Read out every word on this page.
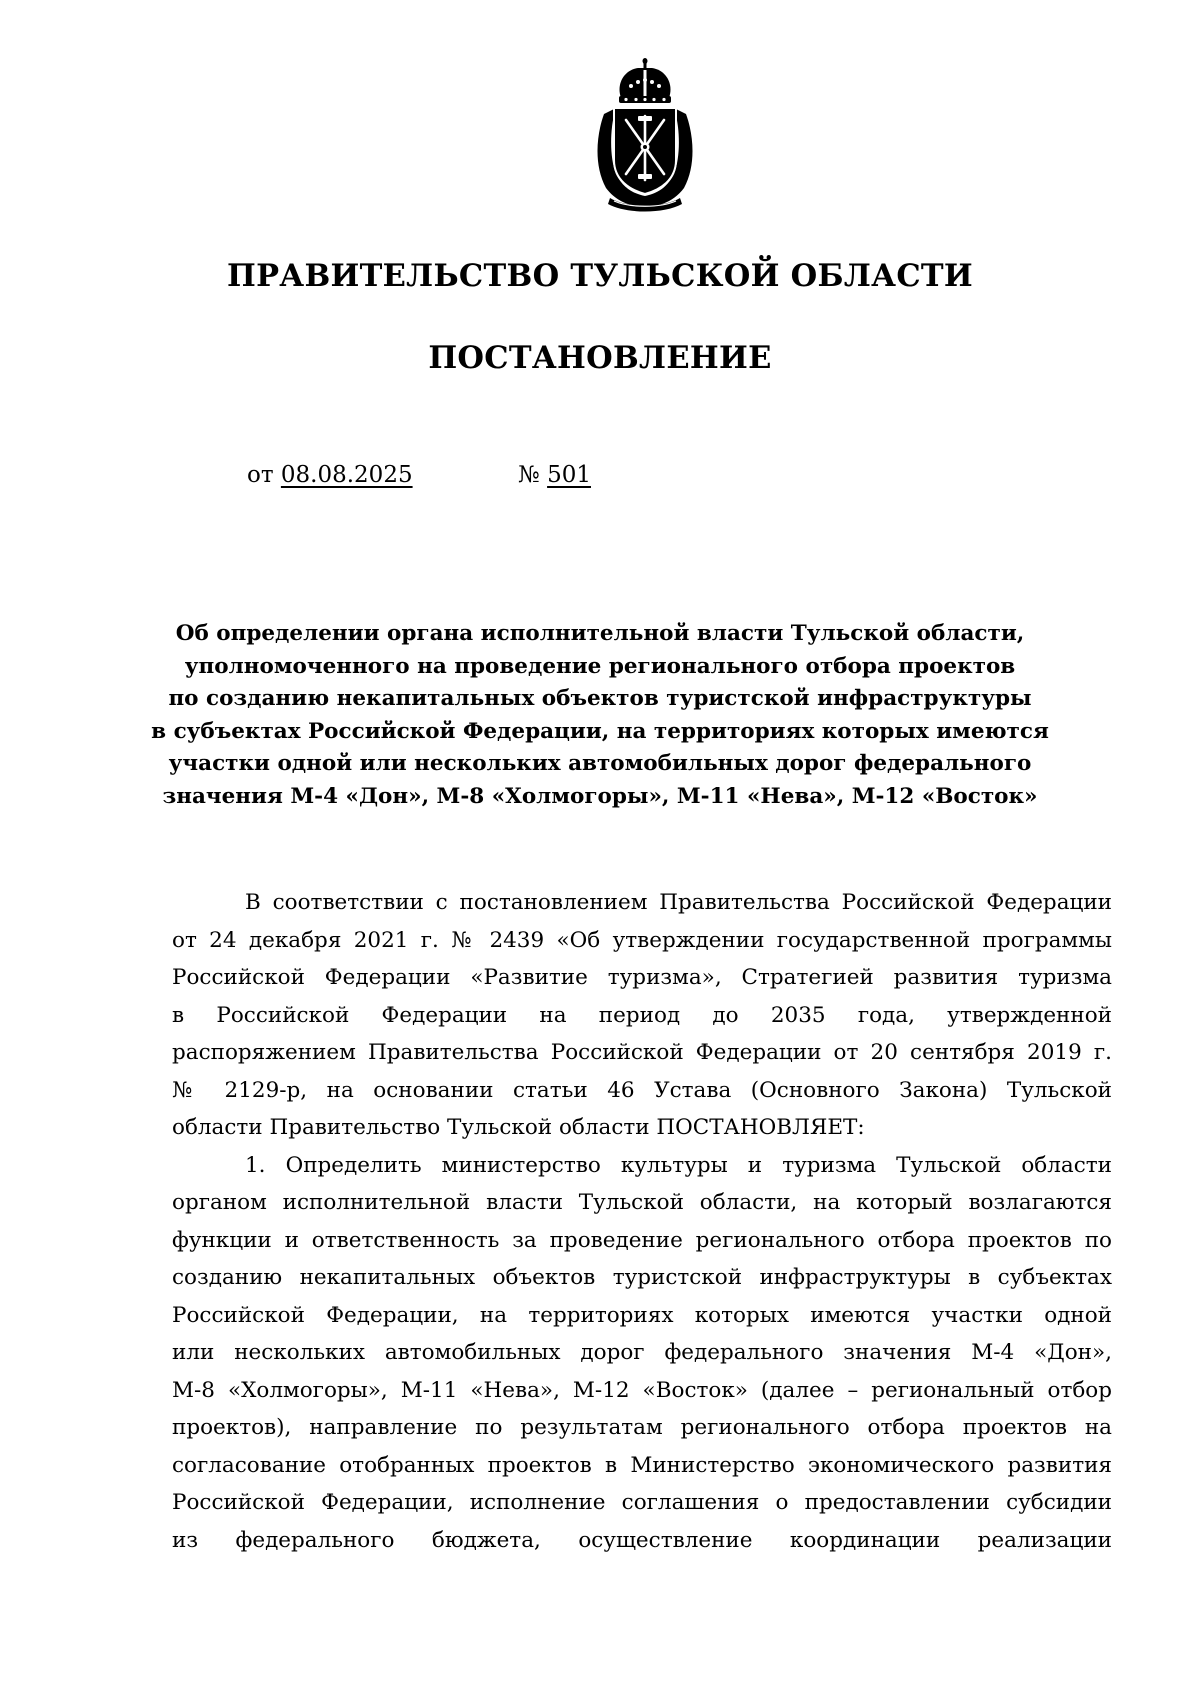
ПРАВИТЕЛЬСТВО ТУЛЬСКОЙ ОБЛАСТИ
ПОСТАНОВЛЕНИЕ
от 08.08.2025	№ 501
Об определении органа исполнительной власти Тульской области,
уполномоченного на проведение регионального отбора проектов
по созданию некапитальных объектов туристской инфраструктуры
в субъектах Российской Федерации, на территориях которых имеются
участки одной или нескольких автомобильных дорог федерального
значения М-4 «Дон», М-8 «Холмогоры», М-11 «Нева», М-12 «Восток»
В соответствии с постановлением Правительства Российской Федерации
от 24 декабря 2021 г. № 2439 «Об утверждении государственной программы
Российской Федерации «Развитие туризма», Стратегией развития туризма
в Российской Федерации на период до 2035 года, утвержденной
распоряжением Правительства Российской Федерации от 20 сентября 2019 г.
№ 2129-р, на основании статьи 46 Устава (Основного Закона) Тульской
области Правительство Тульской области ПОСТАНОВЛЯЕТ:
1. Определить министерство культуры и туризма Тульской области
органом исполнительной власти Тульской области, на который возлагаются
функции и ответственность за проведение регионального отбора проектов по
созданию некапитальных объектов туристской инфраструктуры в субъектах
Российской Федерации, на территориях которых имеются участки одной
или нескольких автомобильных дорог федерального значения М-4 «Дон»,
М-8 «Холмогоры», М-11 «Нева», М-12 «Восток» (далее – региональный отбор
проектов), направление по результатам регионального отбора проектов на
согласование отобранных проектов в Министерство экономического развития
Российской Федерации, исполнение соглашения о предоставлении субсидии
из федерального бюджета, осуществление координации реализации
